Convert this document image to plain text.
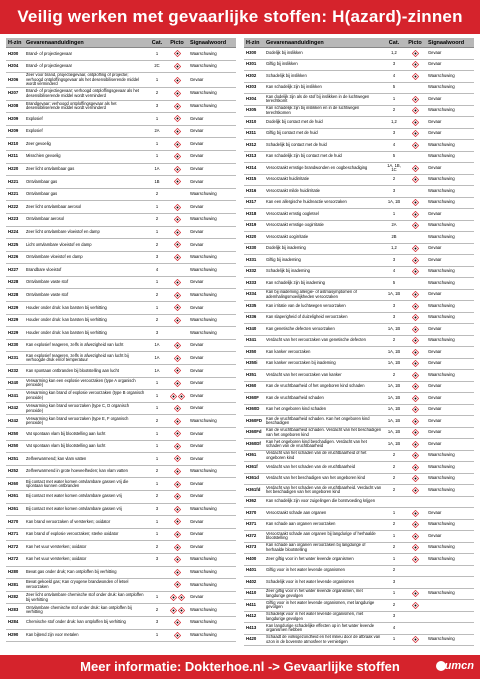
Veilig werken met gevaarlijke stoffen: H(azard)-zinnen
H-zin	Gevarenaanduidingen	Cat.	Picto	Signaalwoord
H200	Brand- of projectiegevaar	1		Waarschuwing
H204	Brand- of projectiegevaar	2C		Waarschuwing
H206	Zeer voor brand, projectiegevaar, ontploffing of projectie; verhoogd ontploffingsgevaar als het desensibiliserende middel wordt verminderd	1		Gevaar
H207	Brand- of projectiegevaar; verhoogd ontploffingsgevaar als het desensibiliserende middel wordt verminderd	2		Waarschuwing
H208	Brandgevaar; verhoogd ontploffingsgevaar als het desensibiliserende middel wordt verminderd	3		Waarschuwing
H209	Explosief	1		Gevaar
H209	Explosief	2A		Gevaar
H210	Zeer gevoelig	1		Gevaar
H211	Misschien gevoelig	1		Gevaar
H220	Zeer licht ontvlambaar gas	1A		Gevaar
H221	Ontvlambaar gas	1B		Gevaar
H221	Ontvlambaar gas	2		Waarschuwing
H222	Zeer licht ontvlambaar aerosol	1		Gevaar
H223	Ontvlambaar aerosol	2		Waarschuwing
H224	Zeer licht ontvlambare vloeistof en damp	1		Gevaar
H225	Licht ontvlambare vloeistof en damp	2		Gevaar
H226	Ontvlambare vloeistof en damp	3		Waarschuwing
H227	Brandbare vloeistof	4		Waarschuwing
H228	Ontvlambare vaste stof	1		Gevaar
H228	Ontvlambare vaste stof	2		Waarschuwing
H229	Houder onder druk: kan barsten bij verhitting	1		Gevaar
H229	Houder onder druk: kan barsten bij verhitting	2		Waarschuwing
H229	Houder onder druk: kan barsten bij verhitting	3		Waarschuwing
H230	Kan explosief reageren, zelfs in afwezigheid van lucht	1A		Gevaar
H231	Kan explosief reageren, zelfs in afwezigheid van lucht bij verhoogde druk en/of temperatuur	1A		Gevaar
H232	Kan spontaan ontbranden bij blootstelling aan lucht	1A		Gevaar
H240	Verwarming kan een explosie veroorzaken (type A organisch peroxide)	1		Gevaar
H241	Verwarming kan brand of explosie veroorzaken (type B organisch peroxide)	1		Gevaar
H242	Verwarming kan brand veroorzaken (type C, D organisch peroxide)	1		Gevaar
H242	Verwarming kan brand veroorzaken (type E, F organisch peroxide)	2		Waarschuwing
H250	Vat spontaan vlam bij blootstelling aan lucht	1		Gevaar
H250	Vat spontaan vlam bij blootstelling aan lucht	1		Gevaar
H251	Zelfverwarmend; kan vlam vatten	1		Gevaar
H252	Zelfverwarmend in grote hoeveelheden; kan vlam vatten	2		Waarschuwing
H260	Bij contact met water komen ontvlambare gassen vrij die spontaan kunnen ontbranden	1		Gevaar
H261	Bij contact met water komen ontvlambare gassen vrij	2		Gevaar
H261	Bij contact met water komen ontvlambare gassen vrij	3		Waarschuwing
H270	Kan brand veroorzaken of versterken; oxidator	1		Gevaar
H271	Kan brand of explosie veroorzaken; sterke oxidator	1		Gevaar
H272	Kan het vuur versterken; oxidator	2		Gevaar
H272	Kan het vuur versterken; oxidator	3		Waarschuwing
H280	Bevat gas onder druk; Kan ontploffen bij verhitting			Waarschuwing
H281	Bevat gekoeld gas; Kan cryogene brandwonden of letsel veroorzaken			Waarschuwing
H282	Zeer licht ontvlambare chemische stof onder druk: kan ontploffen bij verhitting	1		Gevaar
H283	Ontvlambare chemische stof onder druk: kan ontploffen bij verhitting	2		Waarschuwing
H284	Chemische stof onder druk: kan ontploffen bij verhitting	3		Waarschuwing
H290	Kan bijtend zijn voor metalen	1		Waarschuwing
H-zin	Gevarenaanduidingen	Cat.	Picto	Signaalwoord
H300	Dodelijk bij inslikken	1,2		Gevaar
H301	Giftig bij inslikken	3		Gevaar
H302	Schadelijk bij inslikken	4		Waarschuwing
H303	Kan schadelijk zijn bij inslikken	5		Waarschuwing
H304	Kan dodelijk zijn als de stof bij inslikken in de luchtwegen terechtkomt	1		Gevaar
H305	Kan schadelijk zijn bij inslikken en in de luchtwegen terechtkomen	2		Waarschuwing
H310	Dodelijk bij contact met de huid	1,2		Gevaar
H311	Giftig bij contact met de huid	3		Gevaar
H312	Schadelijk bij contact met de huid	4		Waarschuwing
H313	Kan schadelijk zijn bij contact met de huid	5		Waarschuwing
H314	Veroorzaakt ernstige brandwonden en oogbeschadiging	1A, 1B, 1C		Gevaar
H315	Veroorzaakt huidirritatie	2		Waarschuwing
H316	Veroorzaakt milde huidirritatie	3		Waarschuwing
H317	Kan een allergische huidreactie veroorzaken	1A, 1B		Waarschuwing
H318	Veroorzaakt ernstig oogletsel	1		Gevaar
H319	Veroorzaakt ernstige oogirritatie	2A		Waarschuwing
H320	Veroorzaakt oogirritatie	2B		Waarschuwing
H330	Dodelijk bij inademing	1,2		Gevaar
H331	Giftig bij inademing	3		Gevaar
H332	Schadelijk bij inademing	4		Waarschuwing
H333	Kan schadelijk zijn bij inademing	5		Waarschuwing
H334	Kan bij inademing allergie- of astmasymptomen of ademhalingsmoeilijkheden veroorzaken	1A, 1B		Gevaar
H335	Kan irritatie van de luchtwegen veroorzaken	3		Waarschuwing
H336	Kan slaperigheid of duizeligheid veroorzaken	3		Waarschuwing
H340	Kan genetische defecten veroorzaken	1A, 1B		Gevaar
H341	Verdacht van het veroorzaken van genetische defecten	2		Waarschuwing
H350	Kan kanker veroorzaken	1A, 1B		Gevaar
H350i	Kan kanker veroorzaken bij inademing	1A, 1B		Gevaar
H351	Verdacht van het veroorzaken van kanker	2		Waarschuwing
H360	Kan de vruchtbaarheid of het ongeboren kind schaden	1A, 1B		Gevaar
H360F	Kan de vruchtbaarheid schaden	1A, 1B		Gevaar
H360D	Kan het ongeboren kind schaden	1A, 1B		Gevaar
H360FD	Kan de vruchtbaarheid schaden. Kan het ongeboren kind beschadigen	1A, 1B		Gevaar
H360Fd	Kan de vruchtbaarheid schaden. Verdacht van het beschadigen van het ongeboren kind	1A, 1B		Gevaar
H360Df	Kan het ongeboren kind beschadigen. Verdacht van het schaden van de vruchtbaarheid	1A, 1B		Gevaar
H361	Verdacht van het schaden van de vruchtbaarheid of het ongeboren kind	2		Waarschuwing
H361f	Verdacht van het schaden van de vruchtbaarheid	2		Waarschuwing
H361d	Verdacht van het beschadigen van het ongeboren kind	2		Waarschuwing
H361fd	Verdacht van het schaden van de vruchtbaarheid. Verdacht van het beschadigen van het ongeboren kind	2		Waarschuwing
H362	Kan schadelijk zijn voor zuigelingen die borstvoeding krijgen		

H370	Veroorzaakt schade aan organen	1		Gevaar
H371	Kan schade aan organen veroorzaken	2		Waarschuwing
H372	Veroorzaakt schade aan organen bij langdurige of herhaalde blootstelling	1		Gevaar
H373	Kan schade aan organen veroorzaken bij langdurige of herhaalde blootstelling	2		Waarschuwing
H400	Zeer giftig voor in het water levende organismen	1		Waarschuwing
H401	Giftig voor in het water levende organismen	2	

H402	Schadelijk voor in het water levende organismen	3	

H410	Zeer giftig voor in het water levende organismen, met langdurige gevolgen	1		Waarschuwing
H411	Giftig voor in het water levende organismen, met langdurige gevolgen	2	

H412	Schadelijk voor in het water levende organismen, met langdurige gevolgen	3	

H413	Kan langdurige schadelijke effecten op in het water levende organismen hebben	4	

H420	Schaadt de volksgezondheid en het milieu door de afbraak van ozon in de bovenste atmosfeer te vernietigen	1		Waarschuwing
Meer informatie: Dokterhoe.nl -> Gevaarlijke stoffen	umcn
